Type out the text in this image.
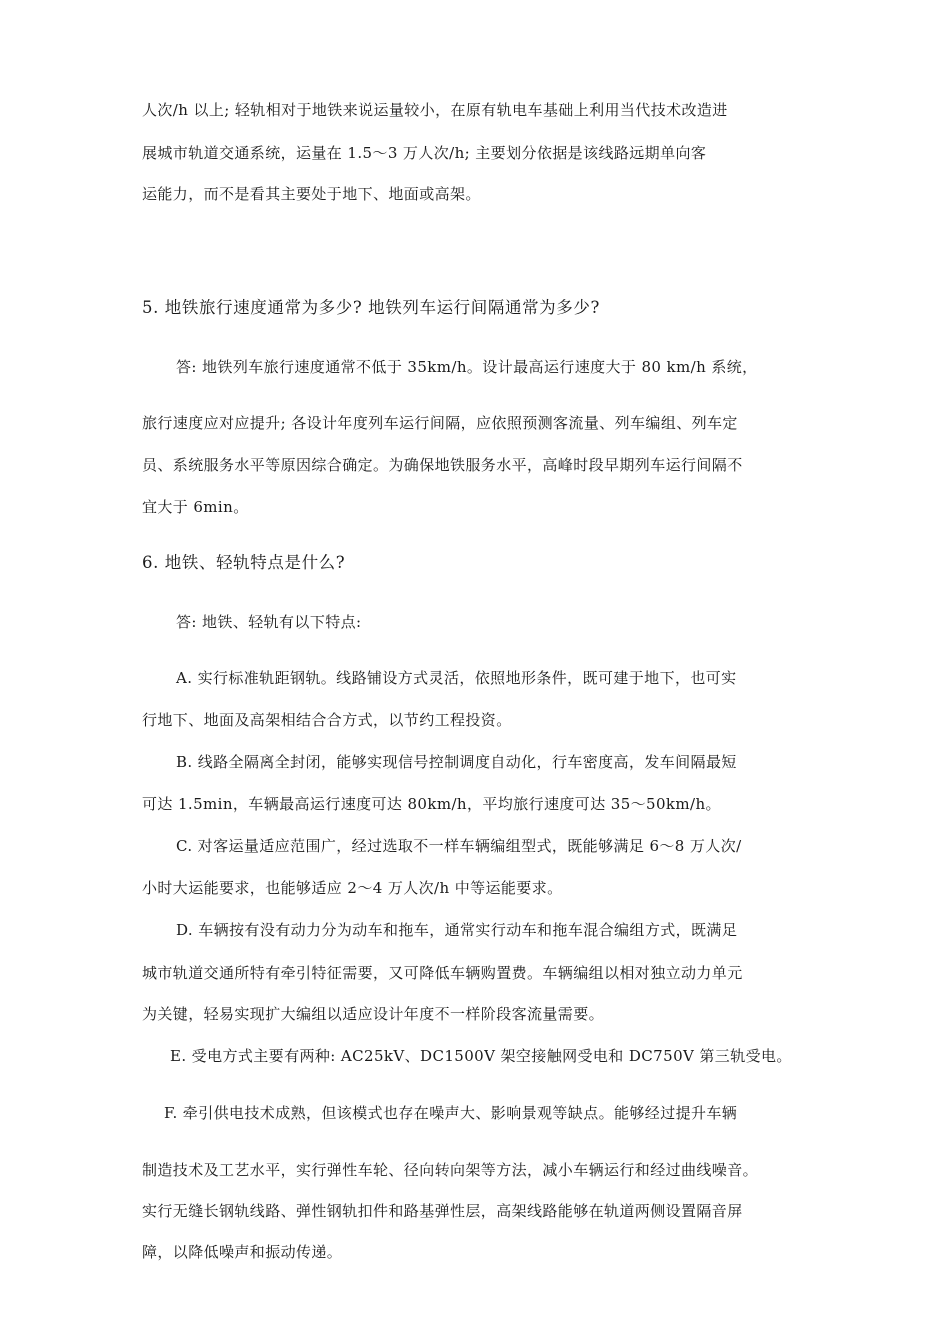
人次/h 以上; 轻轨相对于地铁来说运量较小，在原有轨电车基础上利用当代技术改造进

展城市轨道交通系统，运量在 1.5～3 万人次/h; 主要划分依据是该线路远期单向客

运能力，而不是看其主要处于地下、地面或高架。

5. 地铁旅行速度通常为多少? 地铁列车运行间隔通常为多少?

答: 地铁列车旅行速度通常不低于 35km/h。设计最高运行速度大于 80 km/h 系统，

旅行速度应对应提升; 各设计年度列车运行间隔，应依照预测客流量、列车编组、列车定

员、系统服务水平等原因综合确定。为确保地铁服务水平，高峰时段早期列车运行间隔不

宜大于 6min。

6. 地铁、轻轨特点是什么?

答: 地铁、轻轨有以下特点:

A. 实行标准轨距钢轨。线路铺设方式灵活，依照地形条件，既可建于地下，也可实

行地下、地面及高架相结合合方式，以节约工程投资。

B. 线路全隔离全封闭，能够实现信号控制调度自动化，行车密度高，发车间隔最短

可达 1.5min，车辆最高运行速度可达 80km/h，平均旅行速度可达 35～50km/h。

C. 对客运量适应范围广，经过选取不一样车辆编组型式，既能够满足 6～8 万人次/

小时大运能要求，也能够适应 2～4 万人次/h 中等运能要求。

D. 车辆按有没有动力分为动车和拖车，通常实行动车和拖车混合编组方式，既满足

城市轨道交通所特有牵引特征需要，又可降低车辆购置费。车辆编组以相对独立动力单元

为关键，轻易实现扩大编组以适应设计年度不一样阶段客流量需要。

E. 受电方式主要有两种: AC25kV、DC1500V 架空接触网受电和 DC750V 第三轨受电。

F. 牵引供电技术成熟，但该模式也存在噪声大、影响景观等缺点。能够经过提升车辆

制造技术及工艺水平，实行弹性车轮、径向转向架等方法，减小车辆运行和经过曲线噪音。

实行无缝长钢轨线路、弹性钢轨扣件和路基弹性层，高架线路能够在轨道两侧设置隔音屏

障，以降低噪声和振动传递。
